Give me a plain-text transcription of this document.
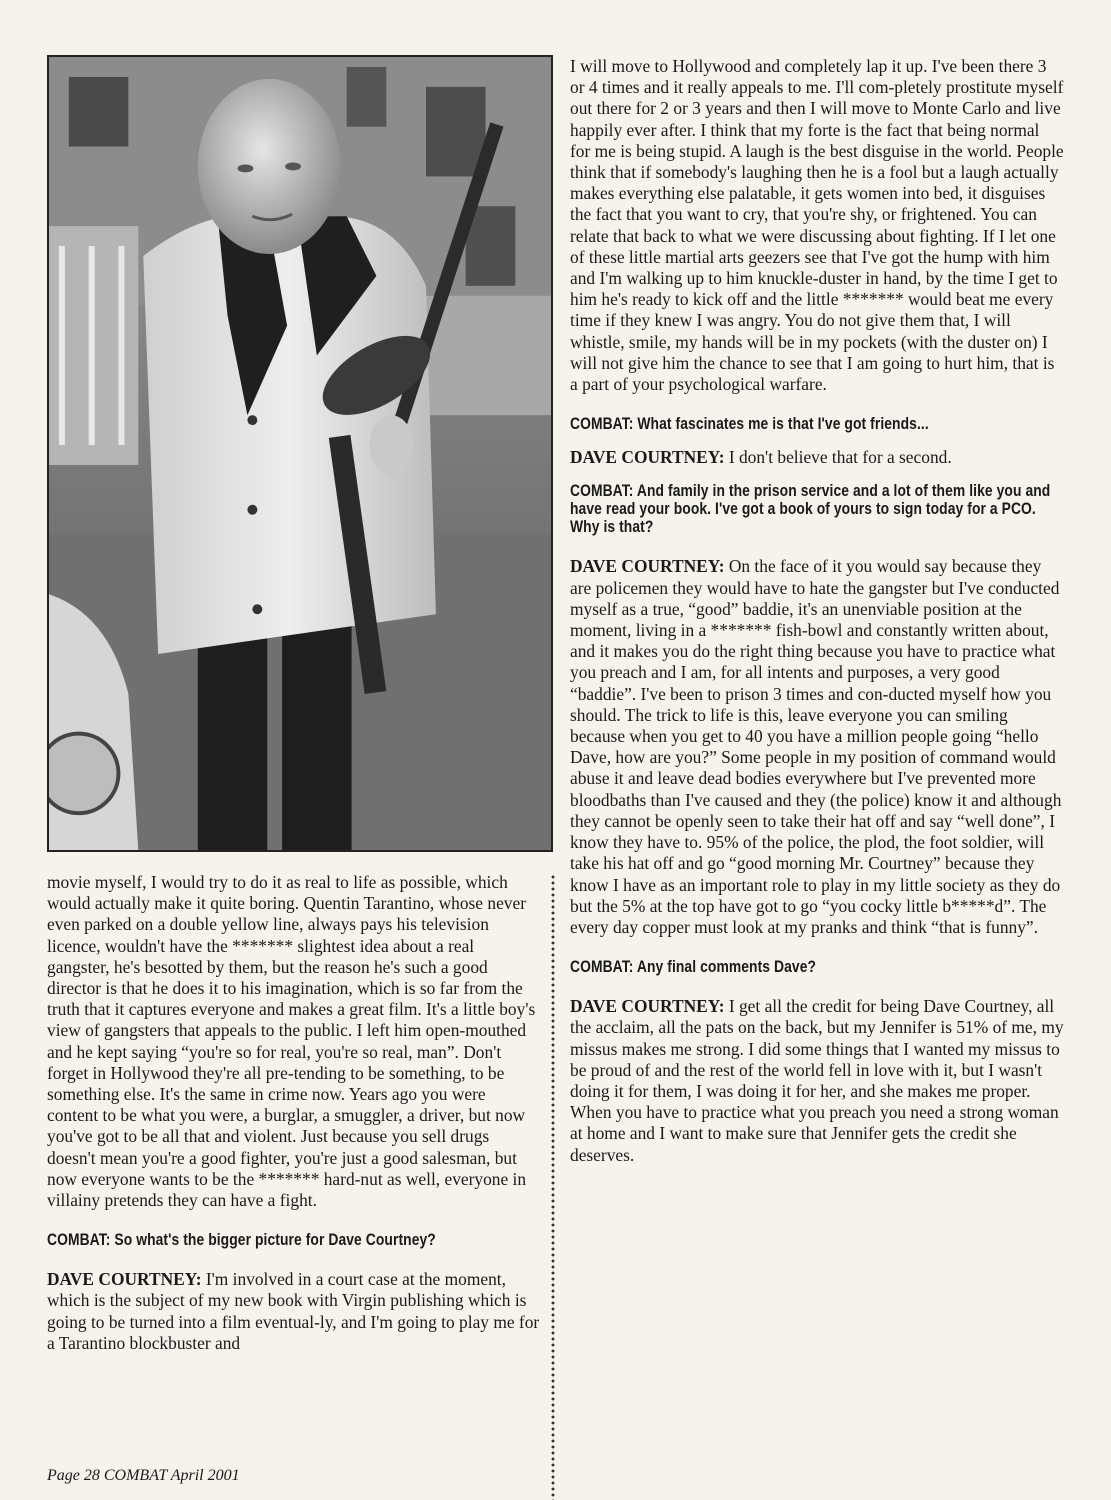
movie myself, I would try to do it as real to life as possible, which would actually make it quite boring. Quentin Tarantino, whose never even parked on a double yellow line, always pays his television licence, wouldn't have the ******* slightest idea about a real gangster, he's besotted by them, but the reason he's such a good director is that he does it to his imagination, which is so far from the truth that it captures everyone and makes a great film. It's a little boy's view of gangsters that appeals to the public. I left him open-mouthed and he kept saying “you're so for real, you're so real, man”. Don't forget in Hollywood they're all pre-tending to be something, to be something else. It's the same in crime now. Years ago you were content to be what you were, a burglar, a smuggler, a driver, but now you've got to be all that and violent. Just because you sell drugs doesn't mean you're a good fighter, you're just a good salesman, but now everyone wants to be the ******* hard-nut as well, everyone in villainy pretends they can have a fight.

COMBAT: So what's the bigger picture for Dave Courtney?

DAVE COURTNEY: I'm involved in a court case at the moment, which is the subject of my new book with Virgin publishing which is going to be turned into a film eventual-ly, and I'm going to play me for a Tarantino blockbuster and

I will move to Hollywood and completely lap it up. I've been there 3 or 4 times and it really appeals to me. I'll com-pletely prostitute myself out there for 2 or 3 years and then I will move to Monte Carlo and live happily ever after. I think that my forte is the fact that being normal for me is being stupid. A laugh is the best disguise in the world. People think that if somebody's laughing then he is a fool but a laugh actually makes everything else palatable, it gets women into bed, it disguises the fact that you want to cry, that you're shy, or frightened. You can relate that back to what we were discussing about fighting. If I let one of these little martial arts geezers see that I've got the hump with him and I'm walking up to him knuckle-duster in hand, by the time I get to him he's ready to kick off and the little ******* would beat me every time if they knew I was angry. You do not give them that, I will whistle, smile, my hands will be in my pockets (with the duster on) I will not give him the chance to see that I am going to hurt him, that is a part of your psychological warfare.

COMBAT: What fascinates me is that I've got friends...

DAVE COURTNEY: I don't believe that for a second.

COMBAT: And family in the prison service and a lot of them like you and have read your book. I've got a book of yours to sign today for a PCO. Why is that?

DAVE COURTNEY: On the face of it you would say because they are policemen they would have to hate the gangster but I've conducted myself as a true, “good” baddie, it's an unenviable position at the moment, living in a ******* fish-bowl and constantly written about, and it makes you do the right thing because you have to practice what you preach and I am, for all intents and purposes, a very good “baddie”. I've been to prison 3 times and con-ducted myself how you should. The trick to life is this, leave everyone you can smiling because when you get to 40 you have a million people going “hello Dave, how are you?” Some people in my position of command would abuse it and leave dead bodies everywhere but I've prevented more bloodbaths than I've caused and they (the police) know it and although they cannot be openly seen to take their hat off and say “well done”, I know they have to. 95% of the police, the plod, the foot soldier, will take his hat off and go “good morning Mr. Courtney” because they know I have as an important role to play in my little society as they do but the 5% at the top have got to go “you cocky little b*****d”. The every day copper must look at my pranks and think “that is funny”.

COMBAT: Any final comments Dave?

DAVE COURTNEY: I get all the credit for being Dave Courtney, all the acclaim, all the pats on the back, but my Jennifer is 51% of me, my missus makes me strong. I did some things that I wanted my missus to be proud of and the rest of the world fell in love with it, but I wasn't doing it for them, I was doing it for her, and she makes me proper. When you have to practice what you preach you need a strong woman at home and I want to make sure that Jennifer gets the credit she deserves.

Page 28 COMBAT April 2001
